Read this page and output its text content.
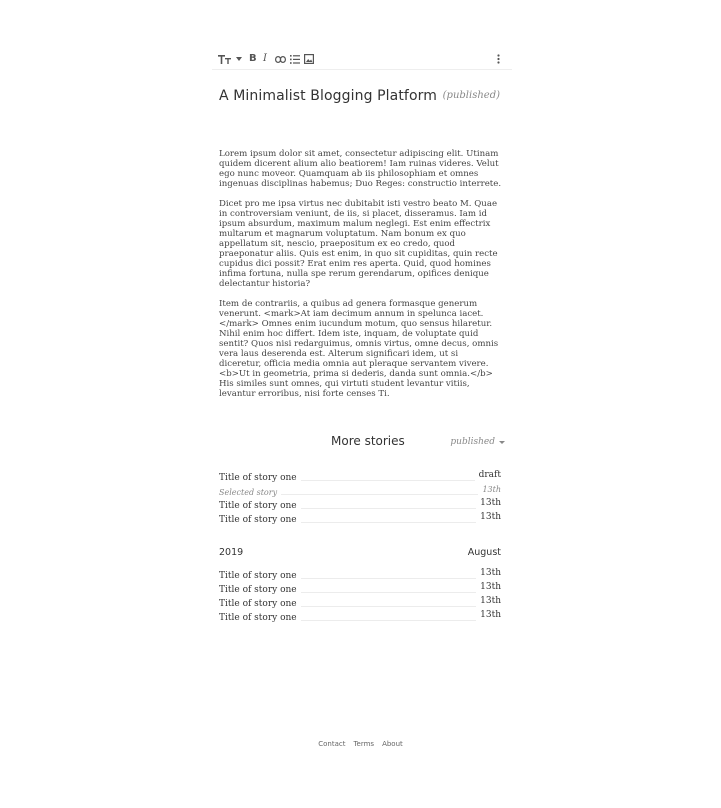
B I
A Minimalist Blogging Platform (published)

Lorem ipsum dolor sit amet, consectetur adipiscing elit. Utinam quidem dicerent alium alio beatiorem! Iam ruinas videres. Velut ego nunc moveor. Quamquam ab iis philosophiam et omnes ingenuas disciplinas habemus; Duo Reges: constructio interrete.

Dicet pro me ipsa virtus nec dubitabit isti vestro beato M. Quae in controversiam veniunt, de iis, si placet, disseramus. Iam id ipsum absurdum, maximum malum neglegi. Est enim effectrix multarum et magnarum voluptatum. Nam bonum ex quo appellatum sit, nescio, praepositum ex eo credo, quod praeponatur aliis. Quis est enim, in quo sit cupiditas, quin recte cupidus dici possit? Erat enim res aperta. Quid, quod homines infima fortuna, nulla spe rerum gerendarum, opifices denique delectantur historia?

Item de contrariis, a quibus ad genera formasque generum venerunt. <mark>At iam decimum annum in spelunca iacet.</mark> Omnes enim iucundum motum, quo sensus hilaretur. Nihil enim hoc differt. Idem iste, inquam, de voluptate quid sentit? Quos nisi redarguimus, omnis virtus, omne decus, omnis vera laus deserenda est. Alterum significari idem, ut si diceretur, officia media omnia aut pleraque servantem vivere. <b>Ut in geometria, prima si dederis, danda sunt omnia.</b> His similes sunt omnes, qui virtuti student levantur vitiis, levantur erroribus, nisi forte censes Ti.

More stories	published
Title of story one	draft
Selected story	13th
Title of story one	13th
Title of story one	13th
2019	August
Title of story one	13th
Title of story one	13th
Title of story one	13th
Title of story one	13th
Contact Terms About
